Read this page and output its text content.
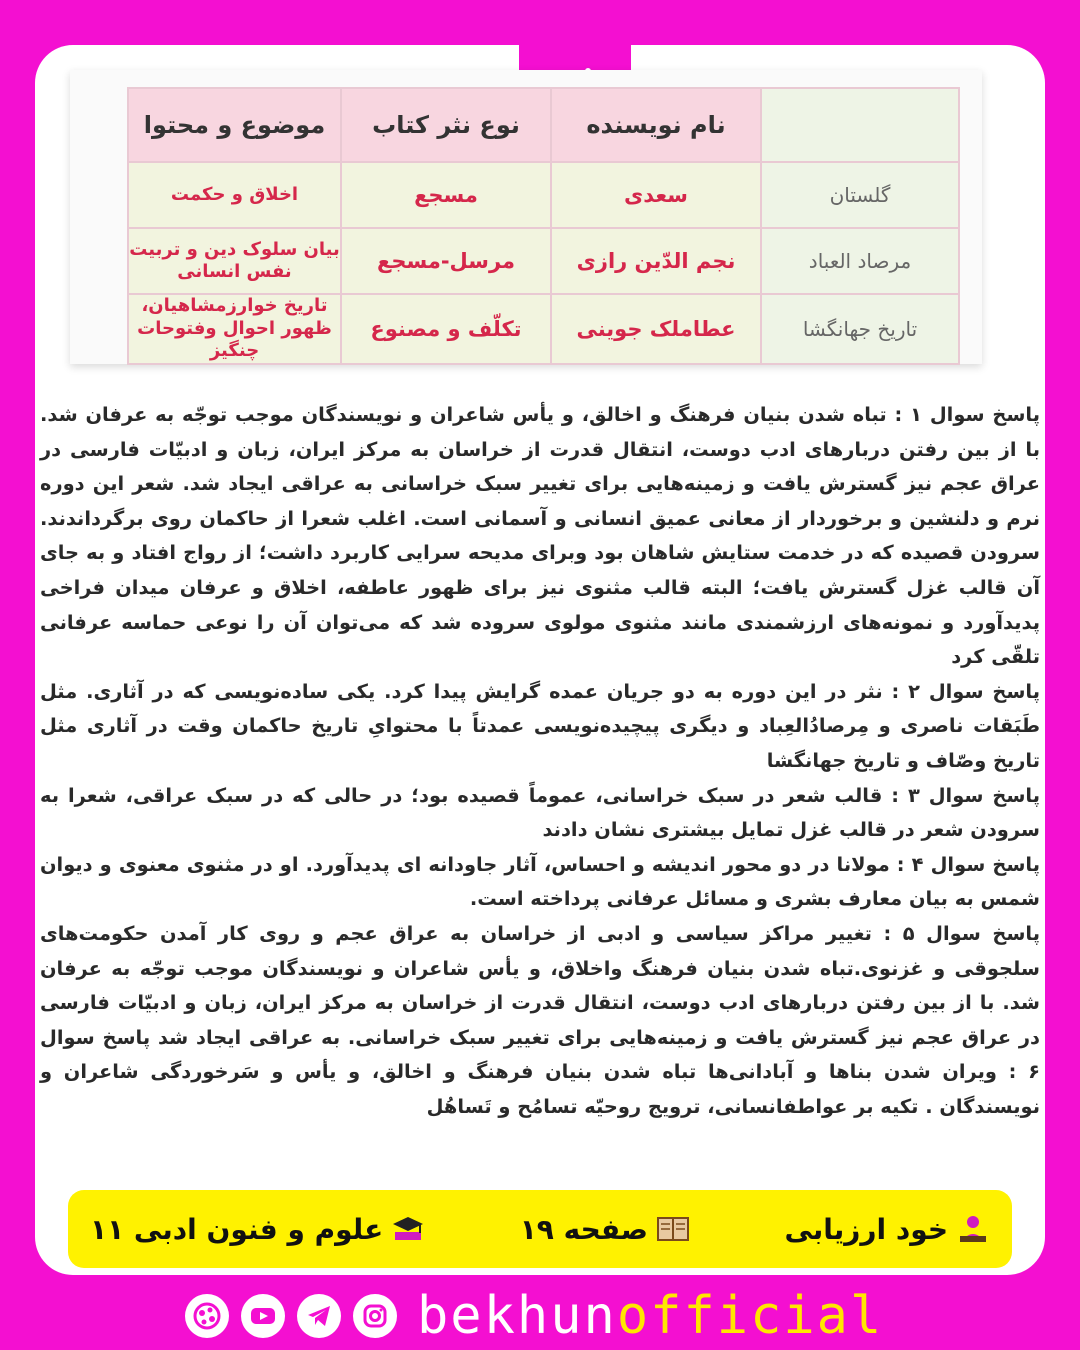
	نام نویسنده	نوع نثر کتاب	موضوع و محتوا
گلستان	سعدی	مسجع	اخلاق و حکمت
مرصاد العباد	نجم الدّین رازی	مرسل-مسجع	بیان سلوک دین و تربیت نفس انسانی
تاریخ جهانگشا	عطاملک جوینی	تکلّف و مصنوع	تاریخ خوارزمشاهیان، ظهور احوال وفتوحات چنگیز

پاسخ سوال ۱ : تباه شدن بنیان فرهنگ و اخالق، و یأس شاعران و نویسندگان موجب توجّه به عرفان شد. با از بین رفتن دربارهای ادب دوست، انتقال قدرت از خراسان به مرکز ایران، زبان و ادبیّات فارسی در عراق عجم نیز گسترش یافت و زمینه‌هایی برای تغییر سبک خراسانی به عراقی ایجاد شد. شعر این دوره نرم و دلنشین و برخوردار از معانی عمیق انسانی و آسمانی است. اغلب شعرا از حاکمان روی برگرداندند. سرودن قصیده که در خدمت ستایش شاهان بود وبرای مدیحه سرایی کاربرد داشت؛ از رواج افتاد و به جای آن قالب غزل گسترش یافت؛ البته قالب مثنوی نیز برای ظهور عاطفه، اخلاق و عرفان میدان فراخی پدیدآورد و نمونه‌های ارزشمندی مانند مثنوی مولوی سروده شد که می‌توان آن را نوعی حماسه عرفانی تلقّی کرد

پاسخ سوال ۲ : نثر در این دوره به دو جریان عمده گرایش پیدا کرد. یکی ساده‌نویسی که در آثاری. مثل طَبَقات ناصری و مِرصادُالعِباد و دیگری پیچیده‌نویسی عمدتاً با محتوایِ تاریخ حاکمان وقت در آثاری مثل تاریخ وصّاف و تاریخ جهانگشا

پاسخ سوال ۳ : قالب شعر در سبک خراسانی، عموماً قصیده بود؛ در حالی که در سبک عراقی، شعرا به سرودن شعر در قالب غزل تمایل بیشتری نشان دادند

پاسخ سوال ۴ : مولانا در دو محور اندیشه و احساس، آثار جاودانه ای پدیدآورد. او در مثنوی معنوی و دیوان شمس به بیان معارف بشری و مسائل عرفانی پرداخته است.

پاسخ سوال ۵ : تغییر مراکز سیاسی و ادبی از خراسان به عراق عجم و روی کار آمدن حکومت‌های سلجوقی و غزنوی.تباه شدن بنیان فرهنگ واخلاق، و یأس شاعران و نویسندگان موجب توجّه به عرفان شد. با از بین رفتن دربارهای ادب دوست، انتقال قدرت از خراسان به مرکز ایران، زبان و ادبیّات فارسی در عراق عجم نیز گسترش یافت و زمینه‌هایی برای تغییر سبک خراسانی. به عراقی ایجاد شد پاسخ سوال ۶ : ویران شدن بناها و آبادانی‌ها تباه شدن بنیان فرهنگ و اخالق، و یأس و سَرخوردگی شاعران و نویسندگان . تکیه بر عواطفانسانی، ترویج روحیّه تسامُح و تَساهُل

خود ارزیابی
صفحه ۱۹
علوم و فنون ادبی ۱۱
bekhunofficial
